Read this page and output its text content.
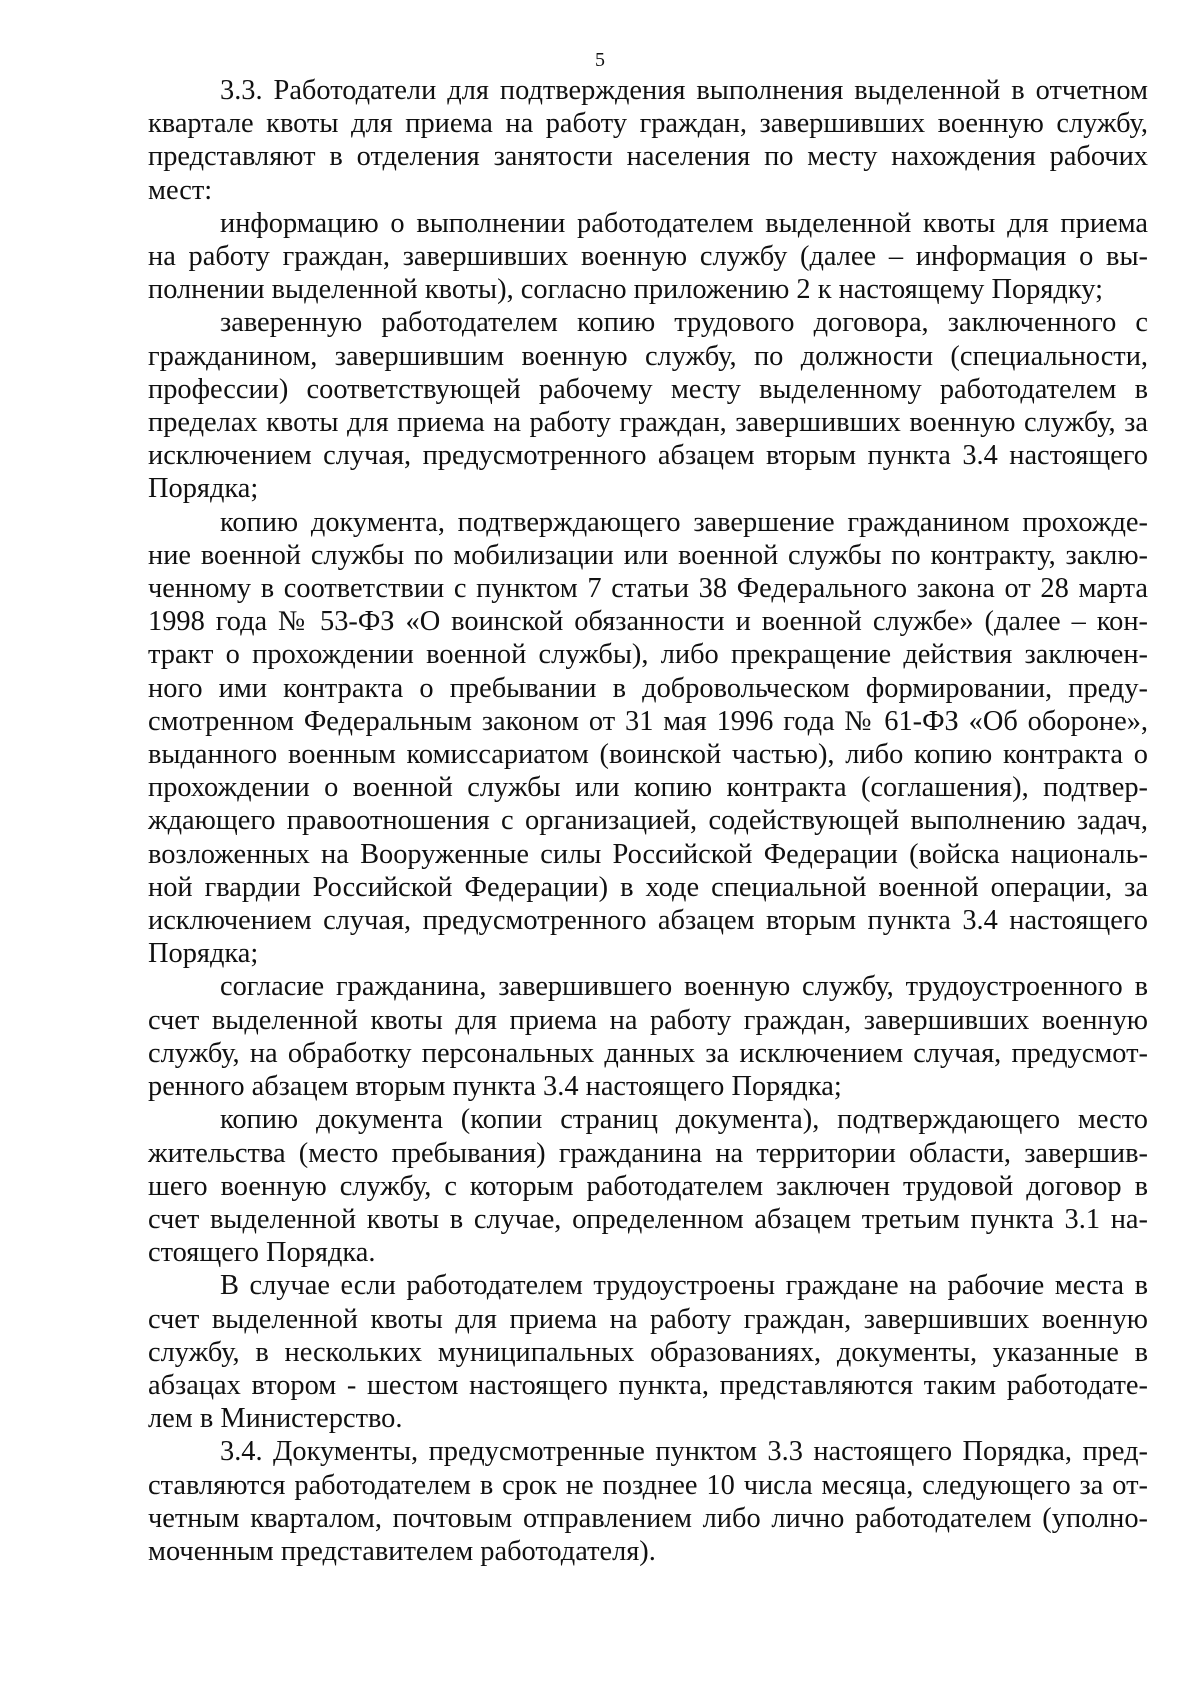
5

3.3. Работодатели для подтверждения выполнения выделенной в отчетном квартале квоты для приема на работу граждан, завершивших военную службу, представляют в отделения занятости населения по месту нахождения рабочих мест:

информацию о выполнении работодателем выделенной квоты для приема на работу граждан, завершивших военную службу (далее – информация о выполнении выделенной квоты), согласно приложению 2 к настоящему Порядку;

заверенную работодателем копию трудового договора, заключенного с гражданином, завершившим военную службу, по должности (специальности, профессии) соответствующей рабочему месту выделенному работодателем в пределах квоты для приема на работу граждан, завершивших военную службу, за исключением случая, предусмотренного абзацем вторым пункта 3.4 настоящего Порядка;

копию документа, подтверждающего завершение гражданином прохождение военной службы по мобилизации или военной службы по контракту, заключенному в соответствии с пунктом 7 статьи 38 Федерального закона от 28 марта 1998 года № 53-ФЗ «О воинской обязанности и военной службе» (далее – контракт о прохождении военной службы), либо прекращение действия заключенного ими контракта о пребывании в добровольческом формировании, предусмотренном Федеральным законом от 31 мая 1996 года № 61-ФЗ «Об обороне», выданного военным комиссариатом (воинской частью), либо копию контракта о прохождении о военной службы или копию контракта (соглашения), подтверждающего правоотношения с организацией, содействующей выполнению задач, возложенных на Вооруженные силы Российской Федерации (войска национальной гвардии Российской Федерации) в ходе специальной военной операции, за исключением случая, предусмотренного абзацем вторым пункта 3.4 настоящего Порядка;

согласие гражданина, завершившего военную службу, трудоустроенного в счет выделенной квоты для приема на работу граждан, завершивших военную службу, на обработку персональных данных за исключением случая, предусмотренного абзацем вторым пункта 3.4 настоящего Порядка;

копию документа (копии страниц документа), подтверждающего место жительства (место пребывания) гражданина на территории области, завершившего военную службу, с которым работодателем заключен трудовой договор в счет выделенной квоты в случае, определенном абзацем третьим пункта 3.1 настоящего Порядка.

В случае если работодателем трудоустроены граждане на рабочие места в счет выделенной квоты для приема на работу граждан, завершивших военную службу, в нескольких муниципальных образованиях, документы, указанные в абзацах втором - шестом настоящего пункта, представляются таким работодателем в Министерство.

3.4. Документы, предусмотренные пунктом 3.3 настоящего Порядка, представляются работодателем в срок не позднее 10 числа месяца, следующего за отчетным кварталом, почтовым отправлением либо лично работодателем (уполномоченным представителем работодателя).
